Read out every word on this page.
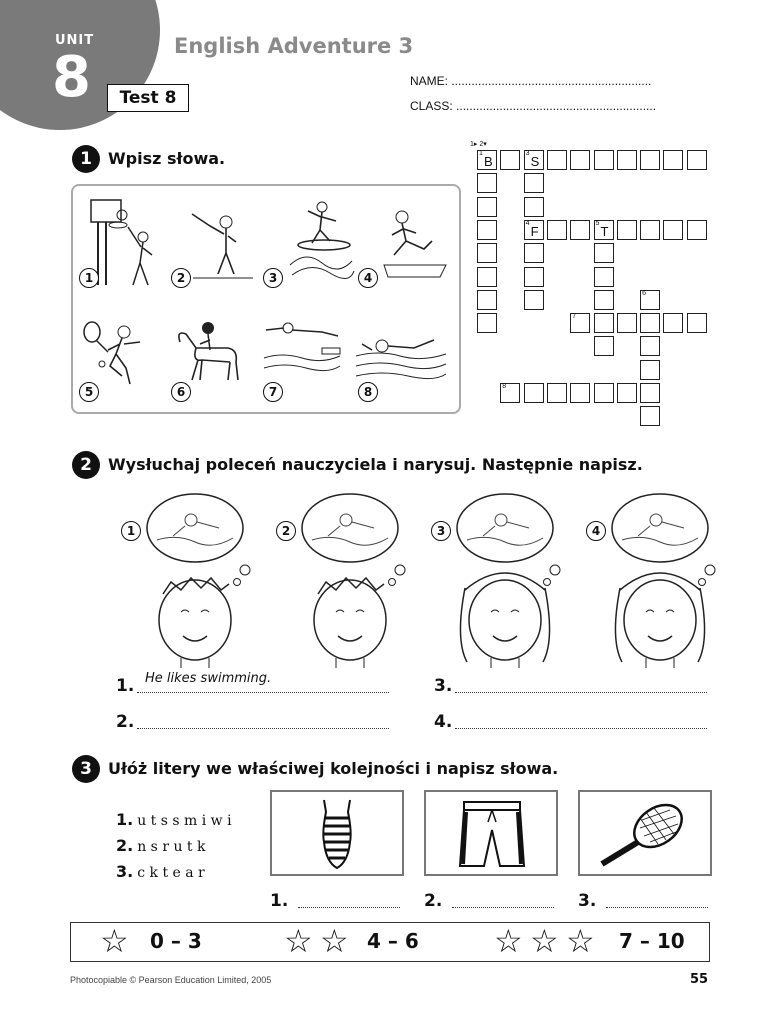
UNIT
8	Test 8
English Adventure 3
NAME: ............................................................
CLASS: ............................................................
1	Wpisz słowa.
1	2	3	4
5	6	7	8
1
B
3
S
4
F
5
T
6
7
8
1▸ 2▾
2	Wysłuchaj poleceń nauczyciela i narysuj. Następnie napisz.
1	2	3	4
1. He likes swimming.
2.
3.
4.
3	Ułóż litery we właściwej kolejności i napisz słowa.
1. u t s s m i w i
2. n s r u t k
3. c k t e a r
1.	2.	3.
☆	☆ ☆	☆ ☆ ☆
0 – 3	4 – 6	7 – 10
Photocopiable © Pearson Education Limited, 2005	55
